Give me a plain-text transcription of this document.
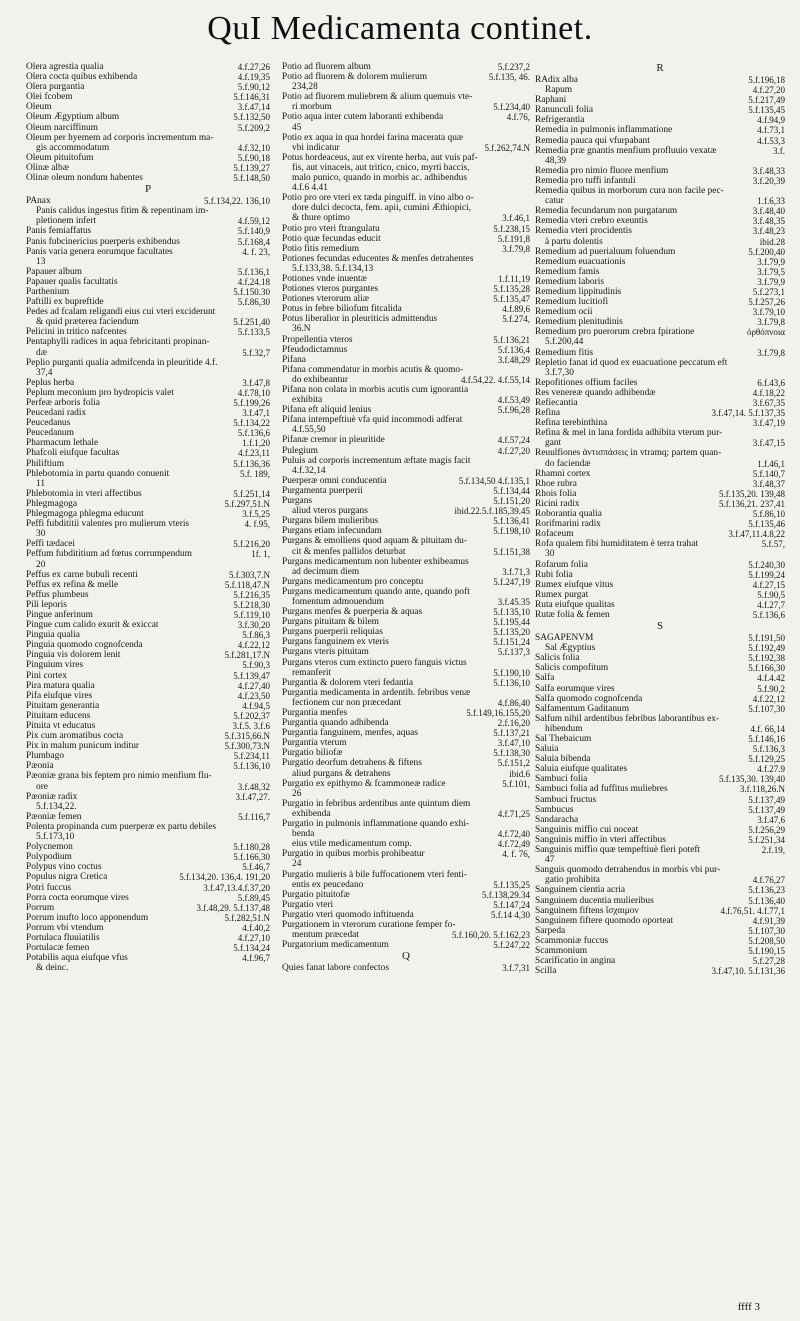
QuI Medicamenta continet.
Olera agrestia qualia	4.f.27,26
Olera cocta quibus exhibenda	4.f.19,35
Olera purgantia	5.f.90,12
Olei fcobem	5.f.146,31
Oleum	3.f.47,14
Oleum Ægyptium album	5.f.132,50
Oleum narciffinum	5.f.209,2
Oleum per hyemem ad corporis incrementum ma-
gis accommodatum	4.f.32,10
Oleum pituitofum	5.f.90,18
Olinæ albæ	5.f.139,27
Olinæ oleum nondum habentes	5.f.148,50
P
PAnax	5.f.134,22. 136,10
Panis calidus ingestus fitim & repentinam im-
pletionem infert	4.f.59,12
Panis femiaffatus	5.f.140,9
Panis fubcinericius puerperis exhibendus	5.f.168,4
Panis varia genera eorumque facultates	4. f. 23,
13
Papauer album	5.f.136,1
Papauer qualis facultatis	4.f.24.18
Parthenium	5.f.150.30
Paftilli ex bupreftide	5.f.86,30
Pedes ad fcalam religandi eius cui vteri exciderunt
& quid præterea faciendum	5.f.251,40
Pelicini in tritico nafcentes	5.f.133,5
Pentaphylli radices in aqua febricitanti propinan-
dæ	5.f.32,7
Peplio purganti qualia admifcenda in pleuritide 4.f.
37,4
Peplus herba	3.f.47,8
Peplum meconium pro hydropicis valet	4.f.78,10
Perfeæ arboris folia	5.f.199,26
Peucedani radix	3.f.47,1
Peucedanus	5.f.134,22
Peucedanum	5.f.136,6
Pharmacum lethale	1.f.1,20
Phafcoli eiufque facultas	4.f.23,11
Philiftium	5.f.136,36
Phlebotomia in partu quando conuenit	5.f. 189,
11
Phlebotomia in vteri affectibus	5.f.251,14
Phlegmagoga	5.f.297,51.N
Phlegmagoga phlegma educunt	3.f.5,25
Peffi fubdititii valentes pro mulierum vteris	4. f.95,
30
Peffi tædacei	5.f.216,20
Peffum fubdititium ad fœtus corrumpendum	1f. 1,
20
Peffus ex carne bubuli recenti	5.f.303,7.N
Peffus ex refina & melle	5.f.118,47.N
Peffus plumbeus	5.f.216,35
Pili leporis	5.f.218,30
Pingue anferinum	5.f.119,10
Pingue cum calido exurit & exiccat	3.f.30,20
Pinguia qualia	5.f.86,3
Pinguia quomodo cognofcenda	4.f.22,12
Pinguia vis dolorem lenit	5.f.281,17.N
Pinguium vires	5.f.90,3
Pini cortex	5.f.139,47
Pira matura qualia	4.f.27,40
Pifa eiufque vires	4.f.23,50
Pituitam generantia	4.f.94,5
Pituitam educens	5.f.202,37
Pituita vt educatus	3.f.5. 3.f.6
Pix cum aromatibus cocta	5.f.315,66.N
Pix in malum punicum inditur	5.f.300,73.N
Plumbago	5.f.234,11
Pæonia	5.f.136,10
Pæoniæ grana bis feptem pro nimio menfium flu-
ore	3.f.48,32
Pæoniæ radix	3.f.47,27.
5.f.134,22.
Pæoniæ femen	5.f.116,7
Polenta propinanda cum puerperæ ex partu debiles
5.f.173,10
Polycnemon	5.f.180,28
Polypodium	5.f.166,30
Polypus vino coctus	5.f.46,7
Populus nigra Cretica	5.f.134,20. 136,4. 191,20
Potri fuccus	3.f.47,13.4.f.37,20
Porra cocta eorumque vires	5.f.89,45
Porrum	3.f.48,29. 5.f.137,48
Porrum inufto loco apponendum	5.f.282,51.N
Porrum vbi vtendum	4.f.40,2
Portulaca fluuiatilis	4.f.27,10
Portulacæ femen	5.f.134,24
Potabilis aqua eiufque vfus	4.f.96,7
& deinc.
Potio ad fluorem album	5.f.237,2
Potio ad fluorem & dolorem mulierum	5.f.135, 46.
234,28
Potio ad fluorem muliebrem & alium quemuis vte-
ri morbum	5.f.234,40
Potio aqua inter cutem laboranti exhibenda	4.f.76,
45
Potio ex aqua in qua hordei farina macerata quæ
vbi indicatur	5.f.262,74.N
Potus hordeaceus, aut ex virente herba, aut vuis paf-
fis, aut vinaceis, aut tritico, cnico, myrti baccis,
malo punico, quando in morbis ac. adhibendus
4.f.6 4.41
Potio pro ore vteri ex tæda pinguiff. in vino albo o-
dore dulci decocta, fem. apii, cumini Æthiopici,
& thure optimo	3.f.46,1
Potio pro vteri ftrangulatu	5.f.238,15
Potio quæ fecundas educit	5.f.191,8
Potio fitis remedium	3.f.79,8
Potiones fecundas educentes & menfes detrahentes
5.f.133,38. 5.f.134,13
Potiones vnde inuentæ	1.f.11,19
Potiones vteros purgantes	5.f.135,28
Potiones vterorum aliæ	5.f.135,47
Potus in febre biliofum fitcalida	4.f.89,6
Potus liberalior in pleuriticis admittendus	5.f.274,
36.N
Propellentia vteros	5.f.136,21
Pfeudodictamnus	5.f.136,4
Pifana	3.f.48,29
Pifana commendatur in morbis acutis & quomo-
do exhibeantur	4.f.54,22. 4.f.55,14
Pifana non colata in morbis acutis cum ignorantia
exhibita	4.f.53,49
Pifana eft aliquid lenius	5.f.96,28
Pifana intempeftiuè vfa quid incommodi adferat
4.f.55,50
Pifanæ cremor in pleuritide	4.f.57,24
Pulegium	4.f.27,20
Puluis ad corporis incrementum æftate magis facit
4.f.32,14
Puerperæ omni conducentia	5.f.134,50 4.f.135,1
Purgamenta puerperii	5.f.134,44
Purgans	5.f.151,20
aliud vteros purgans	ibid.22.5.f.185,39.45
Purgans bilem mulieribus	5.f.136,41
Purgans etiam infecundam	5.f.198,10
Purgans & emolliens quod aquam & pituitam du-
cit & menfes pallidos deturbat	5.f.151,38
Purgans medicamentum non lubenter exhibeamus
ad decimum diem	3.f.71,3
Purgans medicamentum pro conceptu	5.f.247,19
Purgans medicamentum quando ante, quando poft
fomentum admouendum	3.f.45.35
Purgans menfes & puerperia & aquas	5.f.135,10
Purgans pituitam & bilem	5.f.195,44
Purgans puerperii reliquias	5.f.135,20
Purgans fanguinem ex vteris	5.f.151,24
Purgans vteris pituitam	5.f.137,3
Purgans vteros cum extincto puero fanguis victus
remanferit	5.f.190,10
Purgantia & dolorem vteri fedantia	5.f.136,10
Purgantia medicamenta in ardentib. febribus venæ
fectionem cur non præcedant	4.f.86,40
Purgantia menfes	5.f.149,16.155,20
Purgantia quando adhibenda	2.f.16,20
Purgantia fanguinem, menfes, aquas	5.f.137,21
Purgantia vterum	3.f.47,10
Purgatio biliofæ	5.f.138,30
Purgatio deorfum detrahens & fiftens	5.f.151,2
aliud purgans & detrahens	ibid.6
Purgatio ex epithymo & fcammoneæ radice	5.f.101,
26
Purgatio in febribus ardentibus ante quintum diem
exhibenda	4.f.71,25
Purgatio in pulmonis inflammatione quando exhi-
benda	4.f.72,40
eius vtile medicamentum comp.	4.f.72,49
Purgatio in quibus morbis prohibeatur	4. f. 76,
24
Purgatio mulieris à bile fuffocationem vteri fenti-
entis ex peucedano	5.f.135,25
Purgatio pituitofæ	5.f.138,29.34
Purgatio vteri	5.f.147,24
Purgatio vteri quomodo inftituenda	5.f.14 4,30
Purgationem in vterorum curatione femper fo-
mentum præcedat	5.f.160,20. 5.f.162,23
Purgatorium medicamentum	5.f.247,22
Q
Quies fanat labore confectos	3.f.7,31
R
RAdix alba	5.f.196,18
Rapum	4.f.27,20
Raphani	5.f.217,49
Ranunculi folia	5.f.135,45
Refrigerantia	4.f.94,9
Remedia in pulmonis inflammatione	4.f.73,1
Remedia pauca qui vfurpabant	4.f.53,3
Remedia præ gnantis menfium profluuio vexatæ	3.f.
48,39
Remedia pro nimio fluore menfium	3.f.48,33
Remedia pro tuffi infantuli	3.f.20,39
Remedia quibus in morborum cura non facile pec-
catur	1.f.6,33
Remedia fecundarum non purgatarum	3.f.48,40
Remedia vteri crebro exeuntis	3.f.48,35
Remedia vteri procidentis	3.f.48,23
à partu dolentis	ibid.28
Remedium ad puerialuum foluendum	5.f.200,40
Remedium euacuationis	3.f.79,9
Remedium famis	3.f.79,5
Remedium laboris	3.f.79,9
Remedium lippitudinis	5.f.273,1
Remedium lucitiofi	5.f.257,26
Remedium ocii	3.f.79,10
Remedium plenitudinis	3.f.79,8
Remedium pro puerorum crebra fpiratione	ὀρθόπνοια
5.f.200,44
Remedium fitis	3.f.79,8
Repletio fanat id quod ex euacuatione peccatum eft
3.f.7,30
Repofitiones offium faciles	6.f.43,6
Res venereæ quando adhibendæ	4.f.18,22
Refiecantia	3.f.67,35
Refina	3.f.47,14. 5.f.137,35
Refina terebinthina	3.f.47,19
Refina & mel in lana fordida adhibita vterum pur-
gant	3.f.47,15
Reuulfiones ἀντισπάσεις in vtramq; partem quan-
do faciendæ	1.f.46,1
Rhamni cortex	5.f.140,7
Rhoe rubra	3.f.48,37
Rhois folia	5.f.135,20. 139,48
Ricini radix	5.f.136,21. 237,41
Roborantia qualia	5.f.86,10
Rorifmarini radix	5.f.135,46
Rofaceum	3.f.47,11.4.8,22
Rofa qualem fibi humiditatem è terra trahat	5.f.57,
30
Rofarum folia	5.f.240,30
Rubi folia	5.f.199,24
Rumex eiufque vitus	4.f.27,15
Rumex purgat	5.f.90,5
Ruta eiufque qualitas	4.f.27,7
Rutæ folia & femen	5.f.136,6
S
SAGAPENVM	5.f.191,50
Sal Ægyptius	5.f.192,49
Salicis folia	5.f.192,38
Salicis compofitum	5.f.166,30
Salfa	4.f.4.42
Salfa eorumque vires	5.f.90,2
Salfa quomodo cognofcenda	4.f.22,12
Salfamentum Gaditanum	5.f.107,30
Salfum nihil ardentibus febribus laborantibus ex-
hibendum	4.f. 66,14
Sal Thebaicum	5.f.146,16
Saluia	5.f.136,3
Saluia bibenda	5.f.129,25
Saluia eiufque qualitates	4.f.27.9
Sambuci folia	5.f.135,30. 139,40
Sambuci folia ad fuffitus muliebres	3.f.118,26.N
Sambuci fructus	5.f.137,49
Sambucus	5.f.137,49
Sandaracha	3.f.47,6
Sanguinis miffio cui noceat	5.f.256,29
Sanguinis miffio in vteri affectibus	5.f.251,34
Sanguinis miffio quæ tempeftiuè fieri poteft	2.f.19,
47
Sanguis quomodo detrahendus in morbis vbi pur-
gatio prohibita	4.f.76,27
Sanguinem cientia acria	5.f.136,23
Sanguinem ducentia mulieribus	5.f.136,40
Sanguinem fiftens ἴσχαιμον	4.f.76,51. 4.f.77,1
Sanguinem fiftere quomodo oporteat	4.f.91,39
Sarpeda	5.f.107,30
Scammoniæ fuccus	5.f.208,50
Scammonium	5.f.190,15
Scarificatio in angina	5.f.27,28
Scilla	3.f.47,10. 5.f.131,36
ffff 3
